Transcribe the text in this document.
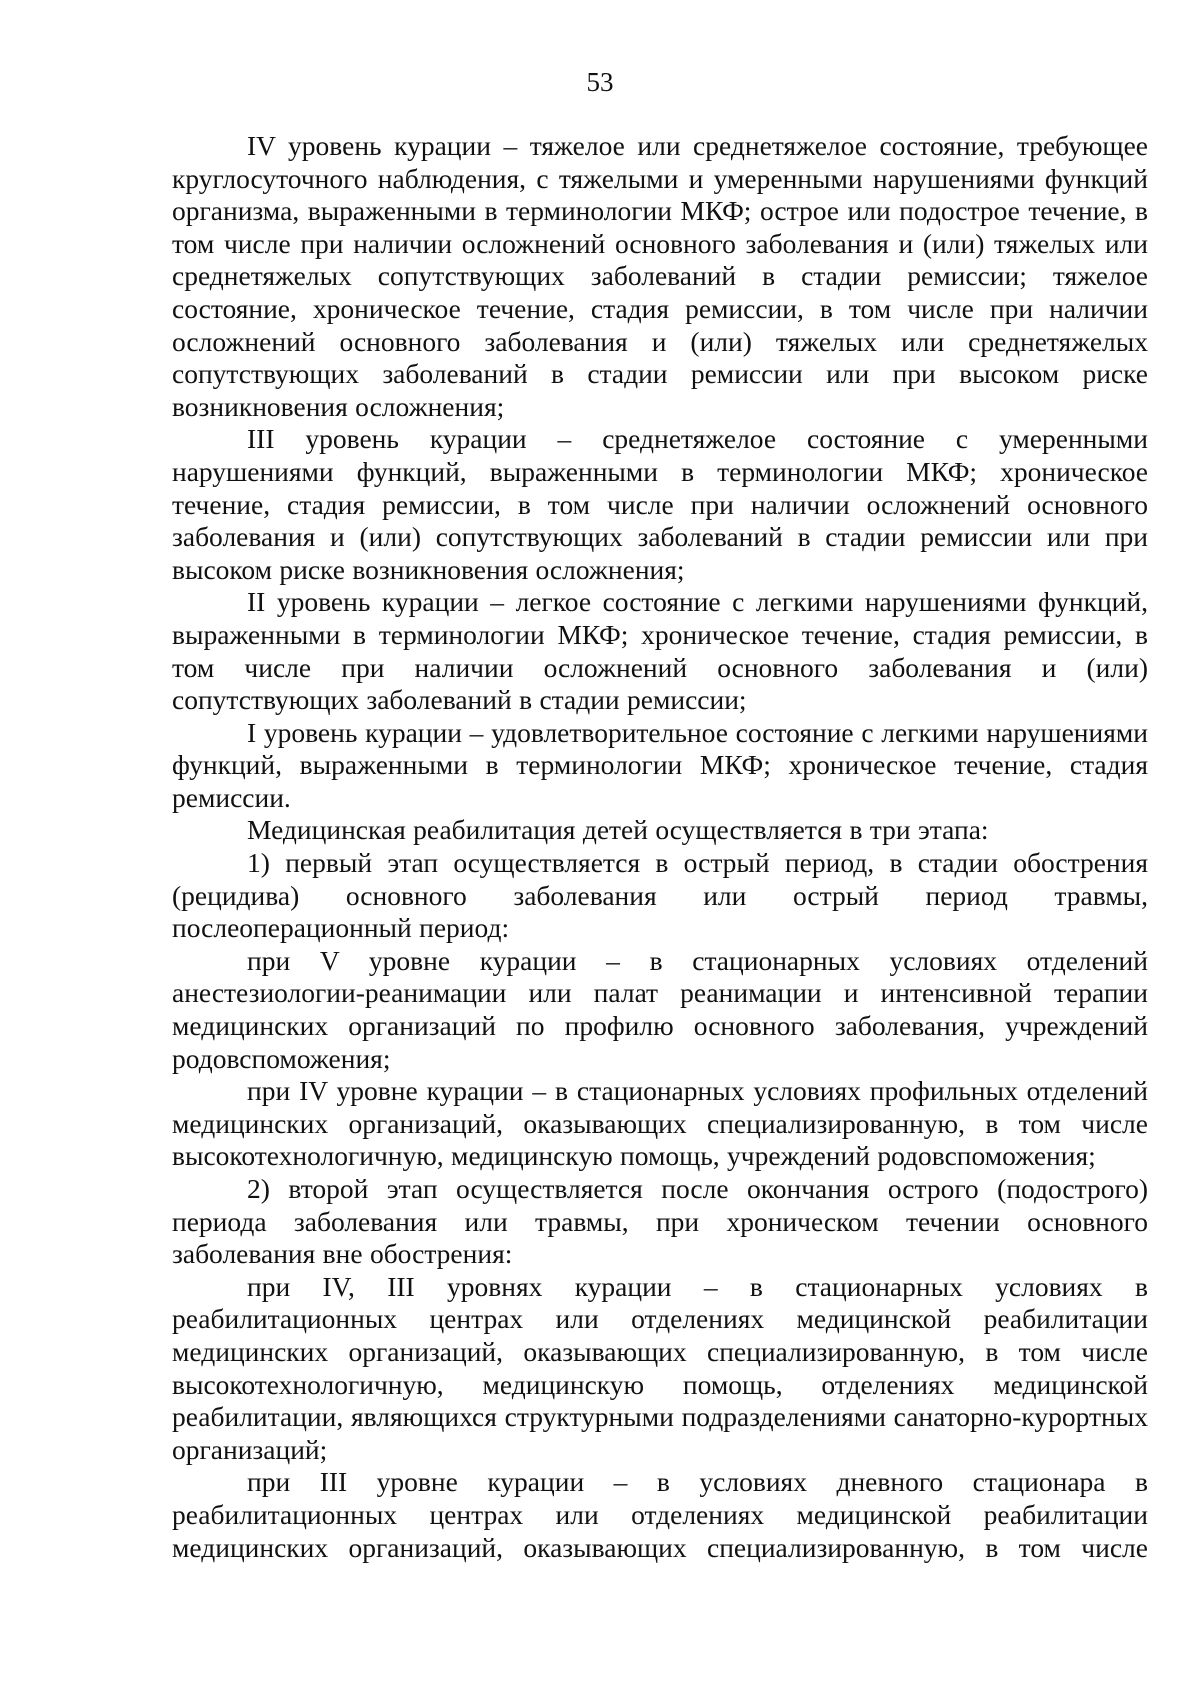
53

IV уровень курации – тяжелое или среднетяжелое состояние, требующее круглосуточного наблюдения, с тяжелыми и умеренными нарушениями функций организма, выраженными в терминологии МКФ; острое или подострое течение, в том числе при наличии осложнений основного заболевания и (или) тяжелых или среднетяжелых сопутствующих заболеваний в стадии ремиссии; тяжелое состояние, хроническое течение, стадия ремиссии, в том числе при наличии осложнений основного заболевания и (или) тяжелых или среднетяжелых сопутствующих заболеваний в стадии ремиссии или при высоком риске возникновения осложнения;

III уровень курации – среднетяжелое состояние с умеренными нарушениями функций, выраженными в терминологии МКФ; хроническое течение, стадия ремиссии, в том числе при наличии осложнений основного заболевания и (или) сопутствующих заболеваний в стадии ремиссии или при высоком риске возникновения осложнения;

II уровень курации – легкое состояние с легкими нарушениями функций, выраженными в терминологии МКФ; хроническое течение, стадия ремиссии, в том числе при наличии осложнений основного заболевания и (или) сопутствующих заболеваний в стадии ремиссии;

I уровень курации – удовлетворительное состояние с легкими нарушениями функций, выраженными в терминологии МКФ; хроническое течение, стадия ремиссии.

Медицинская реабилитация детей осуществляется в три этапа:

1) первый этап осуществляется в острый период, в стадии обострения (рецидива) основного заболевания или острый период травмы, послеоперационный период:

при V уровне курации – в стационарных условиях отделений анестезиологии-реанимации или палат реанимации и интенсивной терапии медицинских организаций по профилю основного заболевания, учреждений родовспоможения;

при IV уровне курации – в стационарных условиях профильных отделений медицинских организаций, оказывающих специализированную, в том числе высокотехнологичную, медицинскую помощь, учреждений родовспоможения;

2) второй этап осуществляется после окончания острого (подострого) периода заболевания или травмы, при хроническом течении основного заболевания вне обострения:

при IV, III уровнях курации – в стационарных условиях в реабилитационных центрах или отделениях медицинской реабилитации медицинских организаций, оказывающих специализированную, в том числе высокотехнологичную, медицинскую помощь, отделениях медицинской реабилитации, являющихся структурными подразделениями санаторно-курортных организаций;

при III уровне курации – в условиях дневного стационара в реабилитационных центрах или отделениях медицинской реабилитации медицинских организаций, оказывающих специализированную, в том числе
